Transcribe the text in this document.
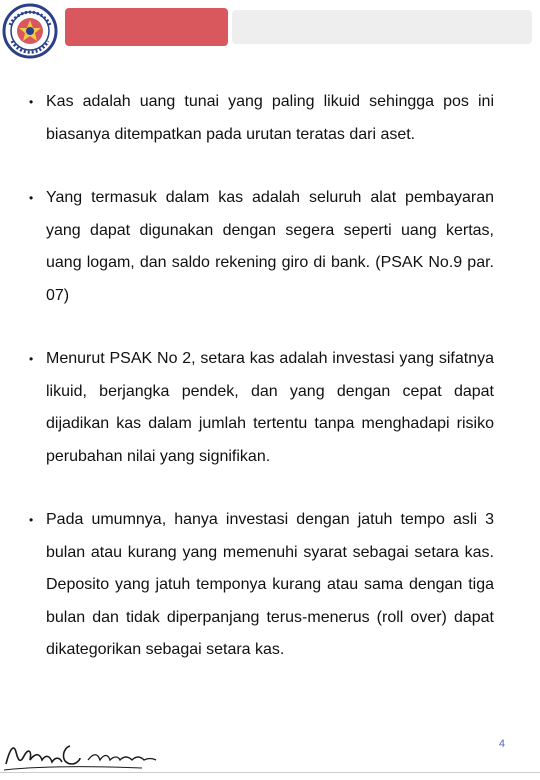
• Kas adalah uang tunai yang paling likuid sehingga pos ini biasanya ditempatkan pada urutan teratas dari aset.
• Yang termasuk dalam kas adalah seluruh alat pembayaran yang dapat digunakan dengan segera seperti uang kertas, uang logam, dan saldo rekening giro di bank. (PSAK No.9 par. 07)
• Menurut PSAK No 2, setara kas adalah investasi yang sifatnya likuid, berjangka pendek, dan yang dengan cepat dapat dijadikan kas dalam jumlah tertentu tanpa menghadapi risiko perubahan nilai yang signifikan.
• Pada umumnya, hanya investasi dengan jatuh tempo asli 3 bulan atau kurang yang memenuhi syarat sebagai setara kas. Deposito yang jatuh temponya kurang atau sama dengan tiga bulan dan tidak diperpanjang terus-menerus (roll over) dapat dikategorikan sebagai setara kas.
4
